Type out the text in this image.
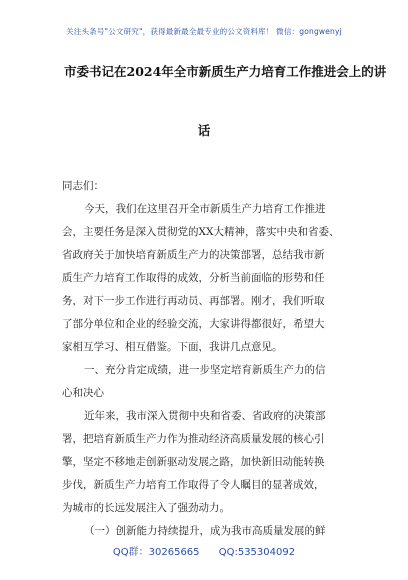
关注头条号"公文研究"，获得最新最全最专业的公文资料库！ 微信：gongwenyj
市委书记在2024年全市新质生产力培育工作推进会上的讲
话
同志们：
今天，我们在这里召开全市新质生产力培育工作推进
会，主要任务是深入贯彻党的XX大精神，落实中央和省委、
省政府关于加快培育新质生产力的决策部署，总结我市新
质生产力培育工作取得的成效，分析当前面临的形势和任
务，对下一步工作进行再动员、再部署。刚才，我们听取
了部分单位和企业的经验交流，大家讲得都很好，希望大
家相互学习、相互借鉴。下面，我讲几点意见。
一、充分肯定成绩，进一步坚定培育新质生产力的信
心和决心
近年来，我市深入贯彻中央和省委、省政府的决策部
署，把培育新质生产力作为推动经济高质量发展的核心引
擎，坚定不移地走创新驱动发展之路，加快新旧动能转换
步伐，新质生产力培育工作取得了令人瞩目的显著成效，
为城市的长远发展注入了强劲动力。
（一）创新能力持续提升，成为我市高质量发展的鲜
QQ群：30265665 QQ:535304092
